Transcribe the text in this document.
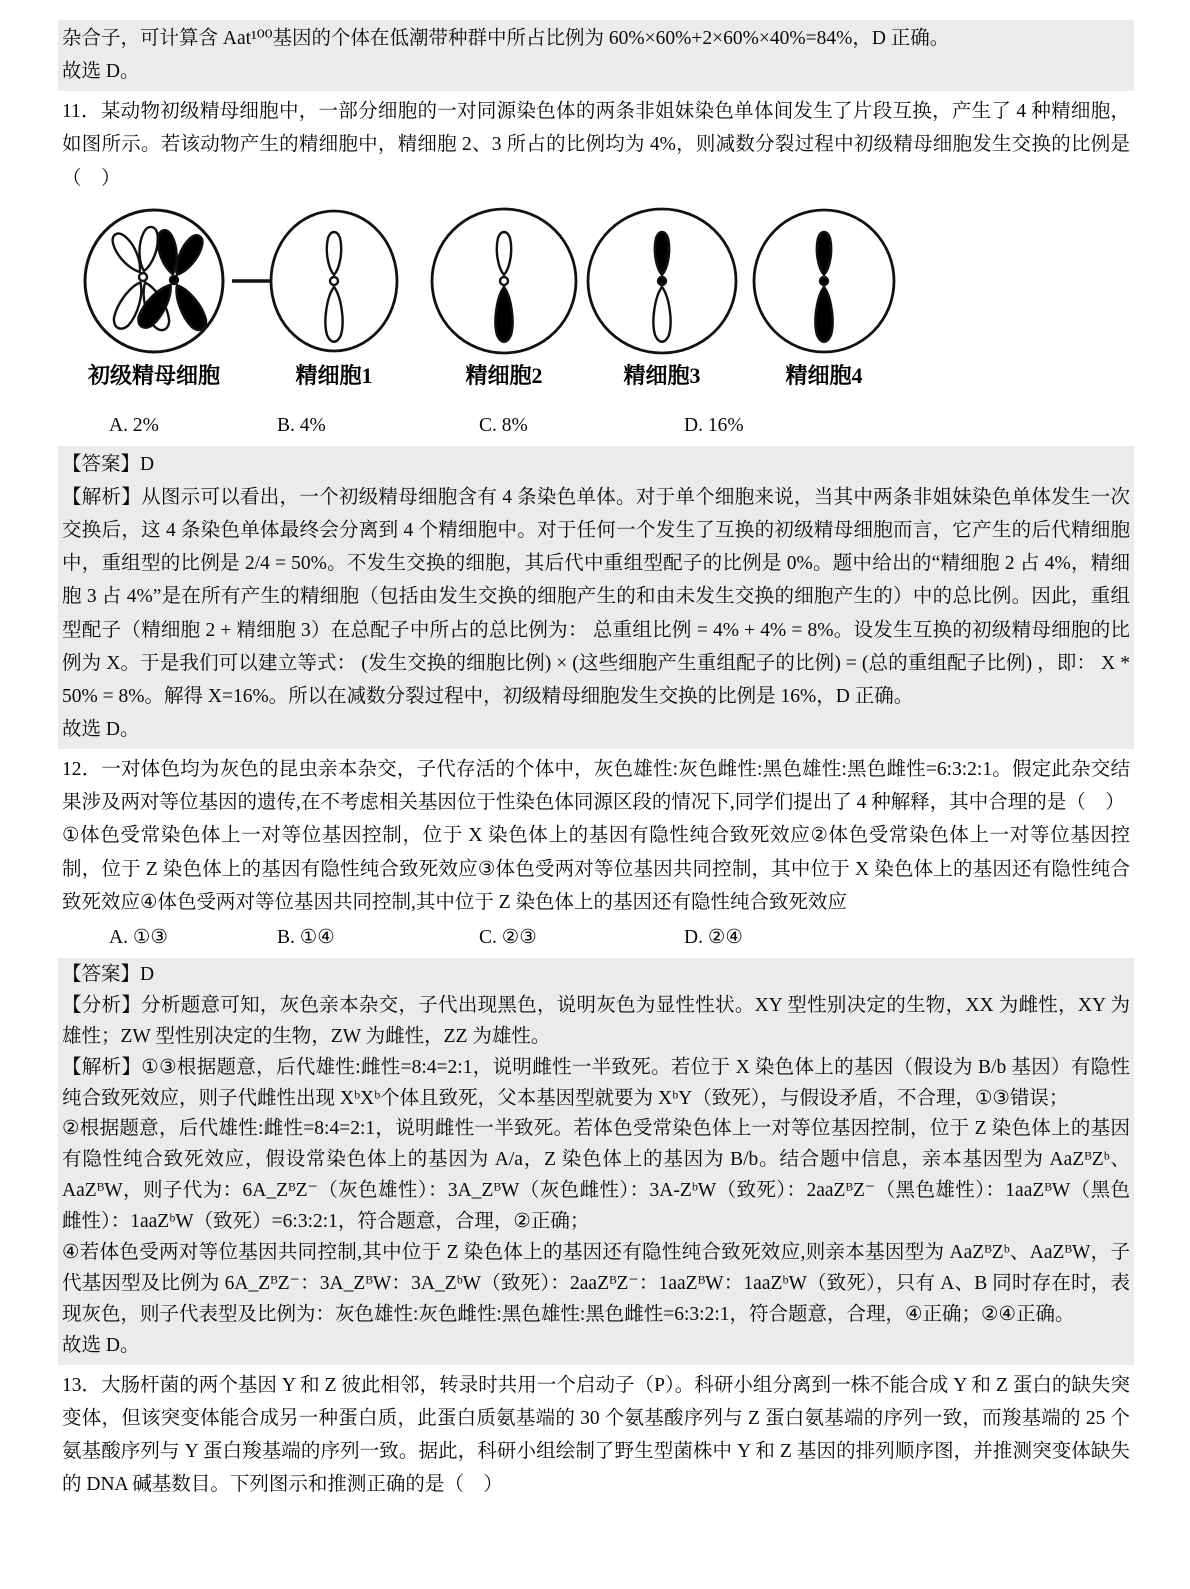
杂合子，可计算含 Aat¹⁰⁰基因的个体在低潮带种群中所占比例为 60%×60%+2×60%×40%=84%，D 正确。

故选 D。

11．某动物初级精母细胞中，一部分细胞的一对同源染色体的两条非姐妹染色单体间发生了片段互换，产生了 4 种精细胞，如图所示。若该动物产生的精细胞中，精细胞 2、3 所占的比例均为 4%，则减数分裂过程中初级精母细胞发生交换的比例是（　）

初级精母细胞	精细胞1	精细胞2	精细胞3	精细胞4
A. 2%	B. 4%	C. 8%	D. 16%

【答案】D

【解析】从图示可以看出，一个初级精母细胞含有 4 条染色单体。对于单个细胞来说，当其中两条非姐妹染色单体发生一次交换后，这 4 条染色单体最终会分离到 4 个精细胞中。对于任何一个发生了互换的初级精母细胞而言，它产生的后代精细胞中，重组型的比例是 2/4 = 50%。不发生交换的细胞，其后代中重组型配子的比例是 0%。题中给出的“精细胞 2 占 4%，精细胞 3 占 4%”是在所有产生的精细胞（包括由发生交换的细胞产生的和由未发生交换的细胞产生的）中的总比例。因此，重组型配子（精细胞 2 + 精细胞 3）在总配子中所占的总比例为： 总重组比例 = 4% + 4% = 8%。设发生互换的初级精母细胞的比例为 X。于是我们可以建立等式： (发生交换的细胞比例) × (这些细胞产生重组配子的比例) = (总的重组配子比例) ，即： X * 50% = 8%。解得 X=16%。所以在减数分裂过程中，初级精母细胞发生交换的比例是 16%，D 正确。

故选 D。

12．一对体色均为灰色的昆虫亲本杂交，子代存活的个体中，灰色雄性:灰色雌性:黑色雄性:黑色雌性=6:3:2:1。假定此杂交结果涉及两对等位基因的遗传,在不考虑相关基因位于性染色体同源区段的情况下,同学们提出了 4 种解释，其中合理的是（　）

①体色受常染色体上一对等位基因控制，位于 X 染色体上的基因有隐性纯合致死效应②体色受常染色体上一对等位基因控制，位于 Z 染色体上的基因有隐性纯合致死效应③体色受两对等位基因共同控制，其中位于 X 染色体上的基因还有隐性纯合致死效应④体色受两对等位基因共同控制,其中位于 Z 染色体上的基因还有隐性纯合致死效应

A. ①③	B. ①④	C. ②③	D. ②④

【答案】D

【分析】分析题意可知，灰色亲本杂交，子代出现黑色，说明灰色为显性性状。XY 型性别决定的生物，XX 为雌性，XY 为雄性；ZW 型性别决定的生物，ZW 为雌性，ZZ 为雄性。

【解析】①③根据题意，后代雄性:雌性=8:4=2:1，说明雌性一半致死。若位于 X 染色体上的基因（假设为 B/b 基因）有隐性纯合致死效应，则子代雌性出现 XᵇXᵇ个体且致死，父本基因型就要为 XᵇY（致死），与假设矛盾，不合理，①③错误；

②根据题意，后代雄性:雌性=8:4=2:1，说明雌性一半致死。若体色受常染色体上一对等位基因控制，位于 Z 染色体上的基因有隐性纯合致死效应，假设常染色体上的基因为 A/a，Z 染色体上的基因为 B/b。结合题中信息，亲本基因型为 AaZᴮZᵇ、AaZᴮW，则子代为：6A_ZᴮZ⁻（灰色雄性）：3A_ZᴮW（灰色雌性）：3A-ZᵇW（致死）：2aaZᴮZ⁻（黑色雄性）：1aaZᴮW（黑色雌性）：1aaZᵇW（致死）=6:3:2:1，符合题意，合理，②正确；

④若体色受两对等位基因共同控制,其中位于 Z 染色体上的基因还有隐性纯合致死效应,则亲本基因型为 AaZᴮZᵇ、AaZᴮW，子代基因型及比例为 6A_ZᴮZ⁻：3A_ZᴮW：3A_ZᵇW（致死）：2aaZᴮZ⁻：1aaZᴮW：1aaZᵇW（致死），只有 A、B 同时存在时，表现灰色，则子代表型及比例为：灰色雄性:灰色雌性:黑色雄性:黑色雌性=6:3:2:1，符合题意，合理，④正确；②④正确。

故选 D。

13．大肠杆菌的两个基因 Y 和 Z 彼此相邻，转录时共用一个启动子（P）。科研小组分离到一株不能合成 Y 和 Z 蛋白的缺失突变体，但该突变体能合成另一种蛋白质，此蛋白质氨基端的 30 个氨基酸序列与 Z 蛋白氨基端的序列一致，而羧基端的 25 个氨基酸序列与 Y 蛋白羧基端的序列一致。据此，科研小组绘制了野生型菌株中 Y 和 Z 基因的排列顺序图，并推测突变体缺失的 DNA 碱基数目。下列图示和推测正确的是（　）
